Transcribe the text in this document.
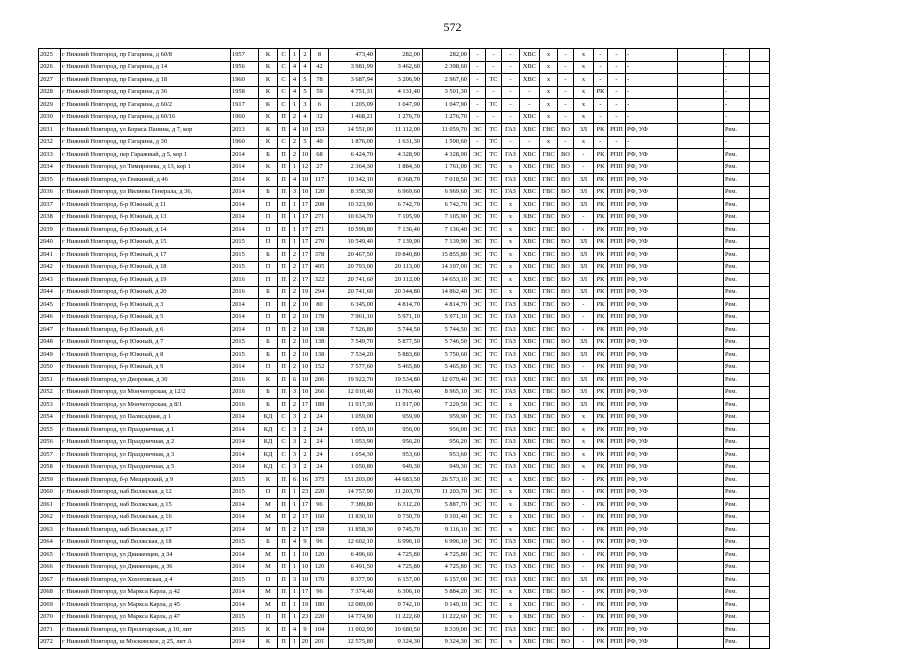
572
2025	г Нижний Новгород, пр Гагарина, д 60/8	1957	К	С	1	2	8	473,40	282,00	282,00	-	-	-	ХВС	х	-	х	-	-	-		-	
2026	г Нижний Новгород, пр Гагарина, д 14	1956	К	С	4	4	42	3 981,99	3 462,60	2 398,60	-	-	-	ХВС	х	-	х	-	-	-		-	
2027	г Нижний Новгород, пр Гагарина, д 18	1960	К	С	4	5	78	3 687,94	3 206,90	2 967,60	-	ТС	-	ХВС	х	-	х	-	-	-		-	
2028	г Нижний Новгород, пр Гагарина, д 36	1958	К	С	4	5	59	4 751,31	4 131,40	3 501,30	-	-	-	-	х	-	х	РК	-	-		-	
2029	г Нижний Новгород, пр Гагарина, д 60/2	1917	К	С	1	3	6	1 205,09	1 047,90	1 047,90	-	ТС	-	-	х	-	х	-	-	-		-	
2030	г Нижний Новгород, пр Гагарина, д 60/16	1960	К	П	2	4	32	1 468,21	1 276,70	1 276,70	-	-	-	ХВС	х	-	х	-	-	-		-	
2031	г Нижний Новгород, ул Бориса Панина, д 7, кор	2013	К	П	4	10	153	14 551,00	11 112,00	11 059,70	ЭС	ТС	ГАЗ	ХВС	ГВС	ВО	ЗЛ	РК	РПП	РФ, УФ		Рем.	
2032	г Нижний Новгород, пр Гагарина, д 30	1960	К	С	2	5	40	1 876,00	1 631,30	1 590,60	-	ТС	-	-	х	-	х	-	-	-		-	
2033	г Нижний Новгород, пер Гаражный, д 5, кор 1	2014	Б	П	2	10	68	6 424,70	4 328,90	4 328,90	ЭС	ТС	ГАЗ	ХВС	ГВС	ВО	-	РК	РПП	РФ, УФ		Рем.	
2034	г Нижний Новгород, ул Тимирязева, д 13, кор 1	2014	К	П	1	12	27	2 364,30	1 884,30	1 761,00	ЭС	ТС	х	ХВС	ГВС	ВО	-	РК	РПП	РФ, УФ		Рем.	
2035	г Нижний Новгород, ул Генкиной, д 46	2014	К	П	4	10	117	10 342,10	8 368,70	7 018,50	ЭС	ТС	ГАЗ	ХВС	ГВС	ВО	ЗЛ	РК	РПП	РФ, УФ		Рем.	
2036	г Нижний Новгород, ул Ивлиева Генерала, д 36,	2014	Б	П	3	10	120	8 358,30	6 969,60	6 969,60	ЭС	ТС	ГАЗ	ХВС	ГВС	ВО	ЗЛ	РК	РПП	РФ, УФ		Рем.	
2037	г Нижний Новгород, б-р Южный, д 11	2014	П	П	1	17	208	10 323,90	6 742,70	6 742,70	ЭС	ТС	х	ХВС	ГВС	ВО	ЗЛ	РК	РПП	РФ, УФ		Рем.	
2038	г Нижний Новгород, б-р Южный, д 13	2014	П	П	1	17	271	10 634,70	7 105,90	7 105,90	ЭС	ТС	х	ХВС	ГВС	ВО	-	РК	РПП	РФ, УФ		Рем.	
2039	г Нижний Новгород, б-р Южный, д 14	2014	П	П	1	17	271	10 599,80	7 136,40	7 136,40	ЭС	ТС	х	ХВС	ГВС	ВО	-	РК	РПП	РФ, УФ		Рем.	
2040	г Нижний Новгород, б-р Южный, д 15	2015	П	П	1	17	270	10 549,40	7 139,90	7 139,90	ЭС	ТС	х	ХВС	ГВС	ВО	ЗЛ	РК	РПП	РФ, УФ		Рем.	
2041	г Нижний Новгород, б-р Южный, д 17	2015	Б	П	2	17	378	20 467,50	19 840,80	15 855,80	ЭС	ТС	х	ХВС	ГВС	ВО	ЗЛ	РК	РПП	РФ, УФ		Рем.	
2042	г Нижний Новгород, б-р Южный, д 18	2015	П	П	2	17	405	20 793,00	20 113,00	14 107,00	ЭС	ТС	х	ХВС	ГВС	ВО	ЗЛ	РК	РПП	РФ, УФ		Рем.	
2043	г Нижний Новгород, б-р Южный, д 19	2016	П	П	2	17	322	20 741,60	20 112,00	14 653,10	ЭС	ТС	х	ХВС	ГВС	ВО	ЗЛ	РК	РПП	РФ, УФ		Рем.	
2044	г Нижний Новгород, б-р Южный, д 20	2016	Б	П	2	19	294	20 741,60	20 344,80	14 862,40	ЭС	ТС	х	ХВС	ГВС	ВО	ЗЛ	РК	РПП	РФ, УФ		Рем.	
2045	г Нижний Новгород, б-р Южный, д 3	2014	П	П	2	10	80	6 345,00	4 814,70	4 814,70	ЭС	ТС	ГАЗ	ХВС	ГВС	ВО	-	РК	РПП	РФ, УФ		Рем.	
2046	г Нижний Новгород, б-р Южный, д 5	2014	П	П	2	10	178	7 961,10	5 971,10	5 971,10	ЭС	ТС	ГАЗ	ХВС	ГВС	ВО	-	РК	РПП	РФ, УФ		Рем.	
2047	г Нижний Новгород, б-р Южный, д 6	2014	П	П	2	10	138	7 526,80	5 744,50	5 744,50	ЭС	ТС	ГАЗ	ХВС	ГВС	ВО	-	РК	РПП	РФ, УФ		Рем.	
2048	г Нижний Новгород, б-р Южный, д 7	2015	Б	П	2	10	138	7 549,70	5 877,50	5 746,50	ЭС	ТС	ГАЗ	ХВС	ГВС	ВО	ЗЛ	РК	РПП	РФ, УФ		Рем.	
2049	г Нижний Новгород, б-р Южный, д 8	2015	Б	П	2	10	138	7 534,20	5 883,80	5 750,60	ЭС	ТС	ГАЗ	ХВС	ГВС	ВО	ЗЛ	РК	РПП	РФ, УФ		Рем.	
2050	г Нижний Новгород, б-р Южный, д 9	2014	П	П	2	10	152	7 577,60	5 465,80	5 465,80	ЭС	ТС	ГАЗ	ХВС	ГВС	ВО	-	РК	РПП	РФ, УФ		Рем.	
2051	г Нижний Новгород, ул Дворовая, д 30	2016	К	П	6	10	206	19 922,70	19 534,80	12 079,40	ЭС	ТС	ГАЗ	ХВС	ГВС	ВО	ЗЛ	РК	РПП	РФ, УФ		Рем.	
2052	г Нижний Новгород, ул Мончегорская, д 12/2	2016	Б	П	3	10	266	12 010,40	11 763,40	8 965,10	ЭС	ТС	ГАЗ	ХВС	ГВС	ВО	ЗЛ	РК	РПП	РФ, УФ		Рем.	
2053	г Нижний Новгород, ул Мончегорская, д 8/1	2016	Б	П	2	17	189	11 917,30	11 917,00	7 229,50	ЭС	ТС	х	ХВС	ГВС	ВО	ЗЛ	РК	РПП	РФ, УФ		Рем.	
2054	г Нижний Новгород, ул Палисадная, д 1	2014	КД	С	3	2	24	1 059,00	959,90	959,90	ЭС	ТС	ГАЗ	ХВС	ГВС	ВО	х	РК	РПП	РФ, УФ		Рем.	
2055	г Нижний Новгород, ул Праздничная, д 1	2014	КД	С	3	2	24	1 055,10	956,00	956,00	ЭС	ТС	ГАЗ	ХВС	ГВС	ВО	х	РК	РПП	РФ, УФ		Рем.	
2056	г Нижний Новгород, ул Праздничная, д 2	2014	КД	С	3	2	24	1 053,90	956,20	956,20	ЭС	ТС	ГАЗ	ХВС	ГВС	ВО	х	РК	РПП	РФ, УФ		Рем.	
2057	г Нижний Новгород, ул Праздничная, д 3	2014	КД	С	3	2	24	1 054,30	953,60	953,60	ЭС	ТС	ГАЗ	ХВС	ГВС	ВО	х	РК	РПП	РФ, УФ		Рем.	
2058	г Нижний Новгород, ул Праздничная, д 5	2014	КД	С	3	2	24	1 050,80	949,30	949,30	ЭС	ТС	ГАЗ	ХВС	ГВС	ВО	х	РК	РПП	РФ, УФ		Рем.	
2059	г Нижний Новгород, б-р Мещерский, д 9	2015	К	П	6	16	375	151 203,00	44 683,50	26 573,10	ЭС	ТС	х	ХВС	ГВС	ВО	-	РК	РПП	РФ, УФ		Рем.	
2060	г Нижний Новгород, наб Волжская, д 12	2015	П	П	1	23	220	14 757,90	11 203,70	11 203,70	ЭС	ТС	х	ХВС	ГВС	ВО	-	РК	РПП	РФ, УФ		Рем.	
2061	г Нижний Новгород, наб Волжская, д 15	2014	М	П	1	17	96	7 389,80	6 312,20	5 887,70	ЭС	ТС	х	ХВС	ГВС	ВО	-	РК	РПП	РФ, УФ		Рем.	
2062	г Нижний Новгород, наб Волжская, д 16	2014	М	П	2	17	160	11 830,10	9 730,70	9 101,40	ЭС	ТС	х	ХВС	ГВС	ВО	-	РК	РПП	РФ, УФ		Рем.	
2063	г Нижний Новгород, наб Волжская, д 17	2014	М	П	2	17	159	11 858,30	9 745,70	9 116,10	ЭС	ТС	х	ХВС	ГВС	ВО	-	РК	РПП	РФ, УФ		Рем.	
2064	г Нижний Новгород, наб Волжская, д 18	2015	Б	П	4	9	96	12 602,10	6 996,10	6 996,10	ЭС	ТС	ГАЗ	ХВС	ГВС	ВО	-	РК	РПП	РФ, УФ		Рем.	
2065	г Нижний Новгород, ул Движенцев, д 34	2014	М	П	1	10	120	6 496,60	4 725,80	4 725,80	ЭС	ТС	ГАЗ	ХВС	ГВС	ВО	-	РК	РПП	РФ, УФ		Рем.	
2066	г Нижний Новгород, ул Движенцев, д 36	2014	М	П	1	10	120	6 491,50	4 725,80	4 725,80	ЭС	ТС	ГАЗ	ХВС	ГВС	ВО	-	РК	РПП	РФ, УФ		Рем.	
2067	г Нижний Новгород, ул Хохотовская, д 4	2015	П	П	3	10	170	8 377,90	6 157,00	6 157,00	ЭС	ТС	ГАЗ	ХВС	ГВС	ВО	ЗЛ	РК	РПП	РФ, УФ		Рем.	
2068	г Нижний Новгород, ул Маркса Карла, д 42	2014	М	П	1	17	96	7 374,40	6 306,10	5 884,20	ЭС	ТС	х	ХВС	ГВС	ВО	-	РК	РПП	РФ, УФ		Рем.	
2069	г Нижний Новгород, ул Маркса Карла, д 45	2014	М	П	1	19	180	12 089,00	9 742,10	9 149,10	ЭС	ТС	х	ХВС	ГВС	ВО	-	РК	РПП	РФ, УФ		Рем.	
2070	г Нижний Новгород, ул Маркса Карла, д 47	2015	П	П	1	23	220	14 774,90	11 222,60	11 222,60	ЭС	ТС	х	ХВС	ГВС	ВО	-	РК	РПП	РФ, УФ		Рем.	
2071	г Нижний Новгород, ул Пролетарская, д 10, лит	2015	К	П	4	9	104	11 002,90	10 680,50	8 339,00	ЭС	ТС	ГАЗ	ХВС	ГВС	ВО	-	РК	РПП	РФ, УФ		Рем.	
2072	г Нижний Новгород, ш Московское, д 25, лит А	2014	К	П	1	20	201	12 575,80	9 324,30	9 324,30	ЭС	ТС	х	ХВС	ГВС	ВО	-	РК	РПП	РФ, УФ		Рем.	
